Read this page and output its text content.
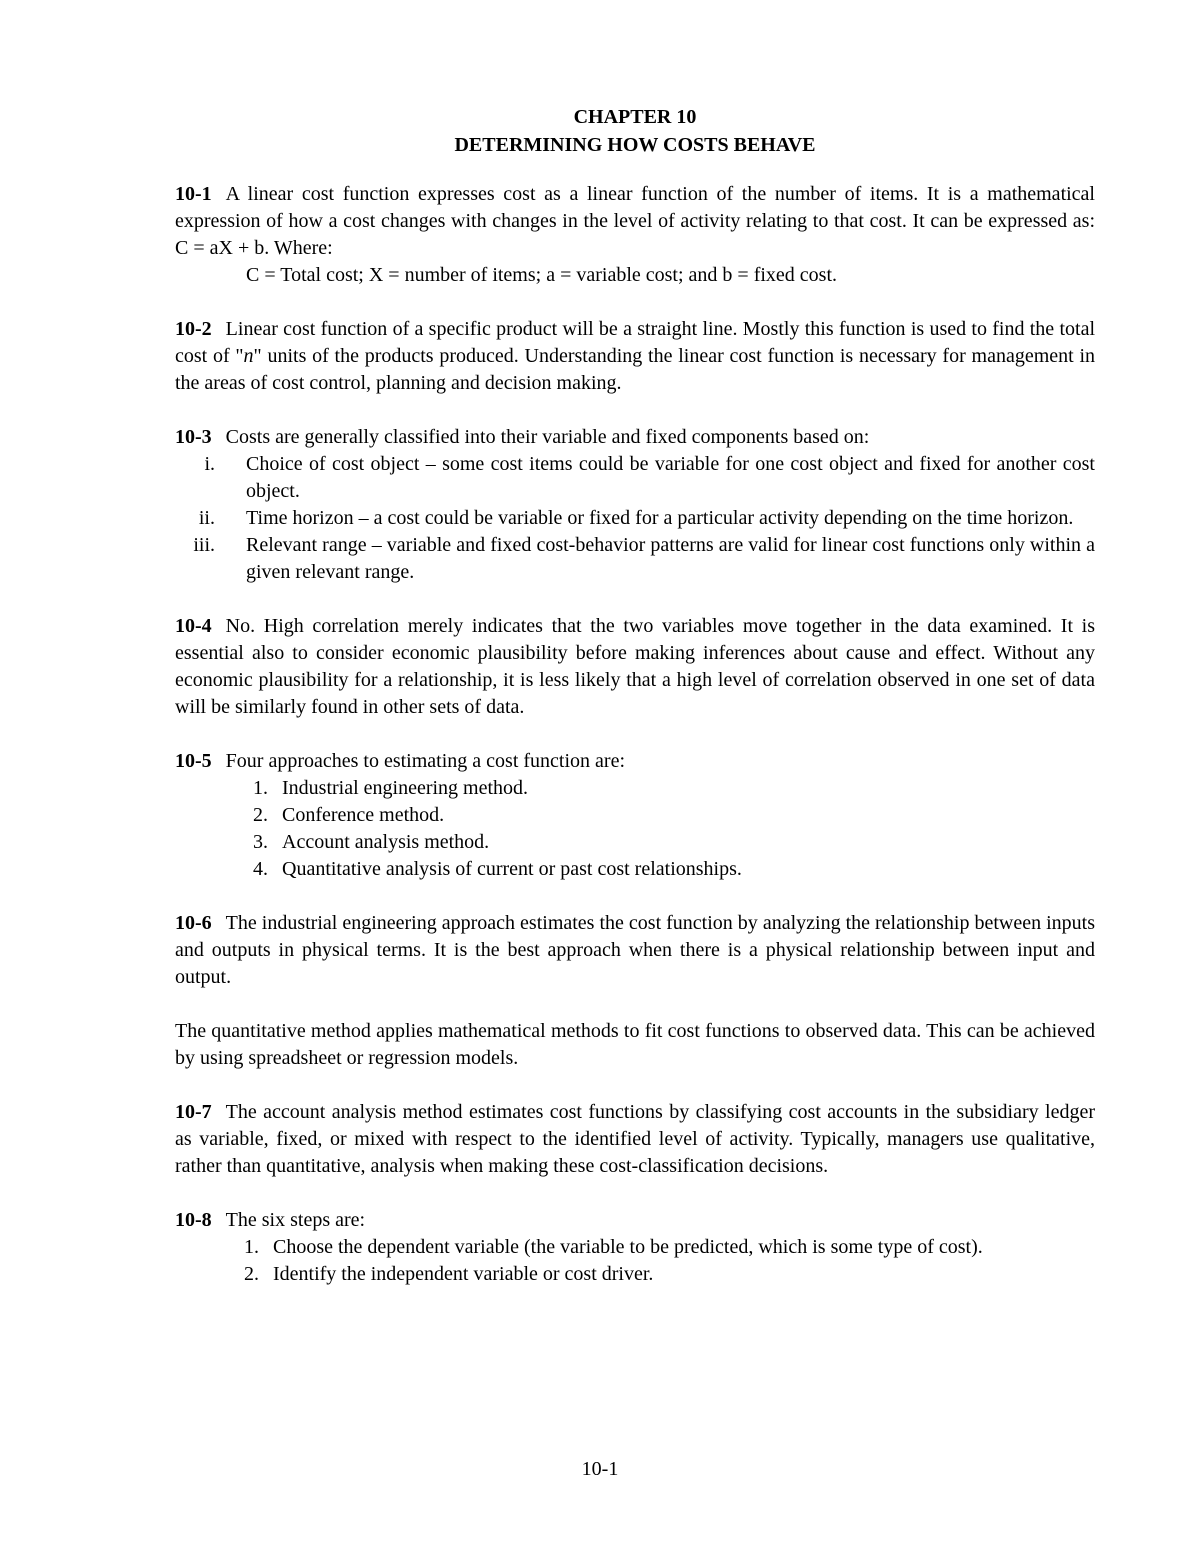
CHAPTER 10

DETERMINING HOW COSTS BEHAVE

10-1 A linear cost function expresses cost as a linear function of the number of items. It is a mathematical expression of how a cost changes with changes in the level of activity relating to that cost. It can be expressed as: C = aX + b. Where:
C = Total cost; X = number of items; a = variable cost; and b = fixed cost.
10-2 Linear cost function of a specific product will be a straight line. Mostly this function is used to find the total cost of "n" units of the products produced. Understanding the linear cost function is necessary for management in the areas of cost control, planning and decision making.
10-3 Costs are generally classified into their variable and fixed components based on:
i. Choice of cost object – some cost items could be variable for one cost object and fixed for another cost object.
ii. Time horizon – a cost could be variable or fixed for a particular activity depending on the time horizon.
iii. Relevant range – variable and fixed cost-behavior patterns are valid for linear cost functions only within a given relevant range.
10-4 No. High correlation merely indicates that the two variables move together in the data examined. It is essential also to consider economic plausibility before making inferences about cause and effect. Without any economic plausibility for a relationship, it is less likely that a high level of correlation observed in one set of data will be similarly found in other sets of data.
10-5 Four approaches to estimating a cost function are:
1. Industrial engineering method.
2. Conference method.
3. Account analysis method.
4. Quantitative analysis of current or past cost relationships.
10-6 The industrial engineering approach estimates the cost function by analyzing the relationship between inputs and outputs in physical terms. It is the best approach when there is a physical relationship between input and output.
The quantitative method applies mathematical methods to fit cost functions to observed data. This can be achieved by using spreadsheet or regression models.
10-7 The account analysis method estimates cost functions by classifying cost accounts in the subsidiary ledger as variable, fixed, or mixed with respect to the identified level of activity. Typically, managers use qualitative, rather than quantitative, analysis when making these cost-classification decisions.
10-8 The six steps are:
1. Choose the dependent variable (the variable to be predicted, which is some type of cost).
2. Identify the independent variable or cost driver.
10-1
